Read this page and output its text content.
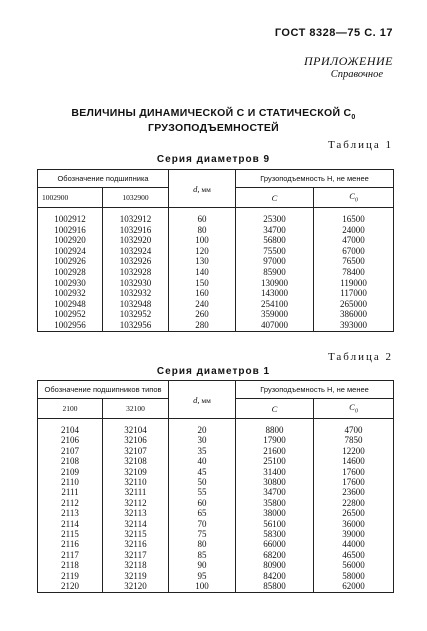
ГОСТ 8328—75 С. 17
ПРИЛОЖЕНИЕ
Справочное
ВЕЛИЧИНЫ ДИНАМИЧЕСКОЙ С И СТАТИЧЕСКОЙ $С_0$
ГРУЗОПОДЪЕМНОСТЕЙ
Таблица 1
Серия диаметров 9
Обозначение подшипника		d, мм	Грузоподъемность H, не менее	
1002900	1032900		C	$C_0$
1002912	1032912	60	25300	16500
1002916	1032916	80	34700	24000
1002920	1032920	100	56800	47000
1002924	1032924	120	75500	67000
1002926	1032926	130	97000	76500
1002928	1032928	140	85900	78400
1002930	1032930	150	130900	119000
1002932	1032932	160	143000	117000
1002948	1032948	240	254100	265000
1002952	1032952	260	359000	386000
1002956	1032956	280	407000	393000
Таблица 2
Серия диаметров 1
Обозначение подшипников типов		d, мм	Грузоподъемность H, не менее	
2100	32100		C	$C_0$
2104	32104	20	8800	4700
2106	32106	30	17900	7850
2107	32107	35	21600	12200
2108	32108	40	25100	14600
2109	32109	45	31400	17600
2110	32110	50	30800	17600
2111	32111	55	34700	23600
2112	32112	60	35800	22800
2113	32113	65	38000	26500
2114	32114	70	56100	36000
2115	32115	75	58300	39000
2116	32116	80	66000	44000
2117	32117	85	68200	46500
2118	32118	90	80900	56000
2119	32119	95	84200	58000
2120	32120	100	85800	62000
